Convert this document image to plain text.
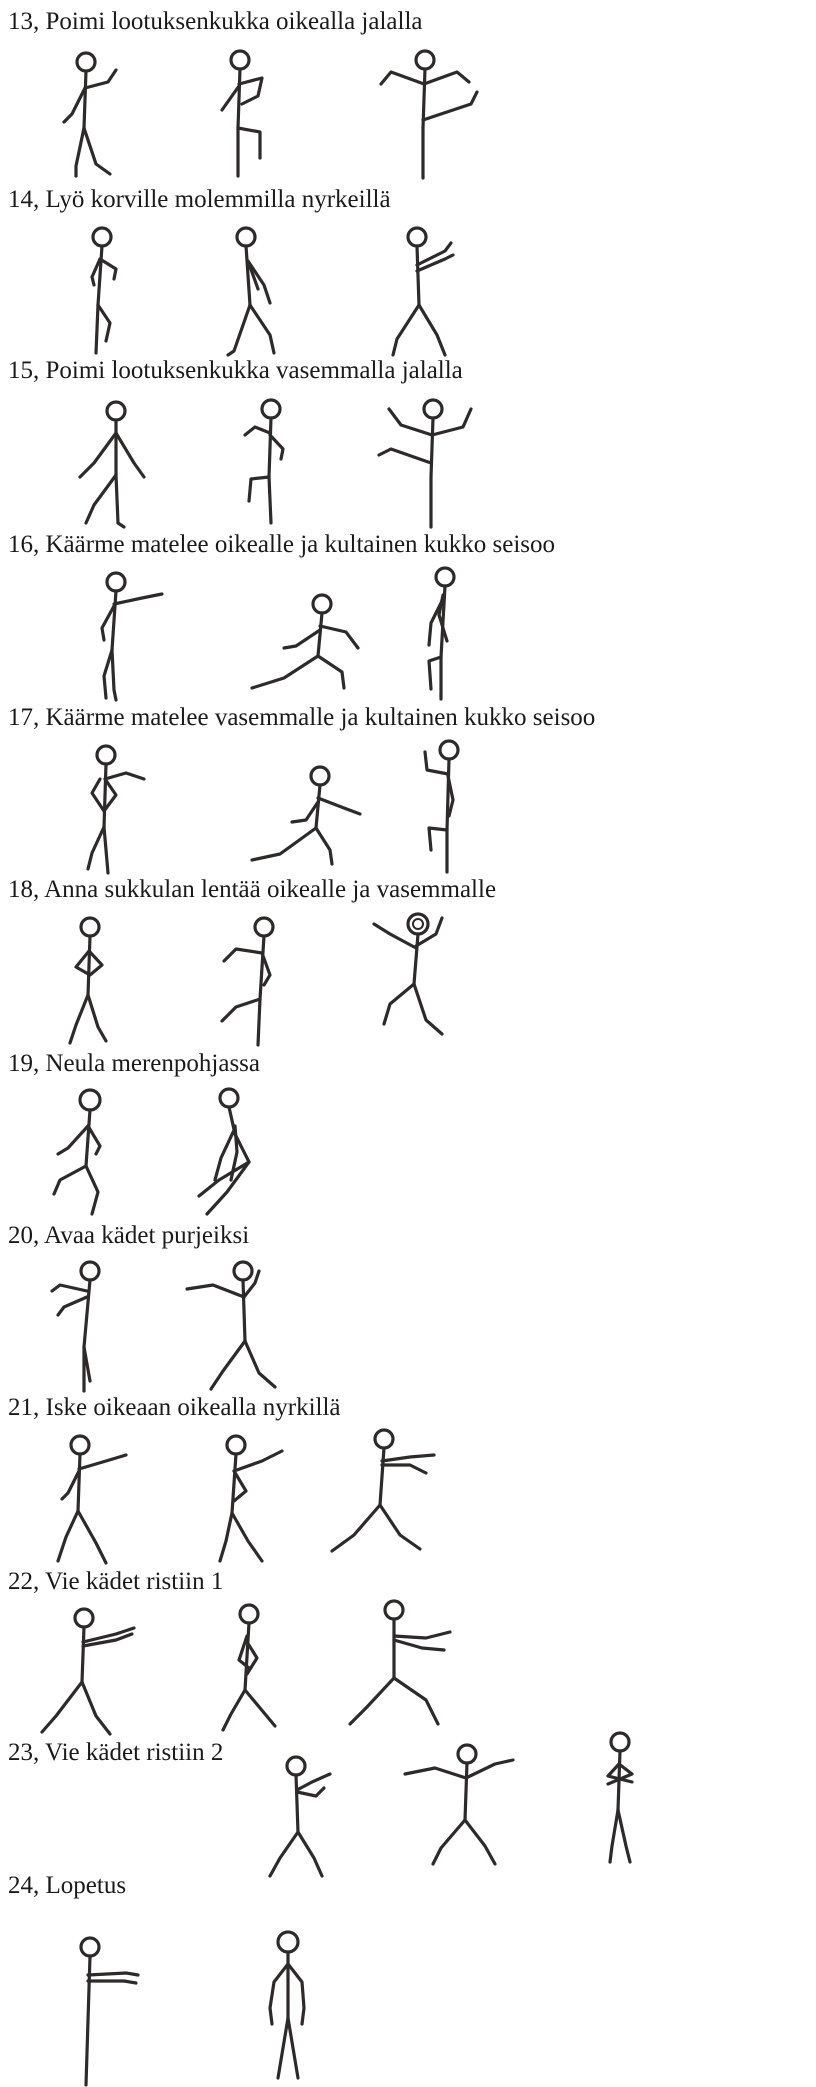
13, Poimi lootuksenkukka oikealla jalalla
14, Lyö korville molemmilla nyrkeillä
15, Poimi lootuksenkukka vasemmalla jalalla
16, Käärme matelee oikealle ja kultainen kukko seisoo
17, Käärme matelee vasemmalle ja kultainen kukko seisoo
18, Anna sukkulan lentää oikealle ja vasemmalle
19, Neula merenpohjassa
20, Avaa kädet purjeiksi
21, Iske oikeaan oikealla nyrkillä
22, Vie kädet ristiin 1
23, Vie kädet ristiin 2
24, Lopetus
